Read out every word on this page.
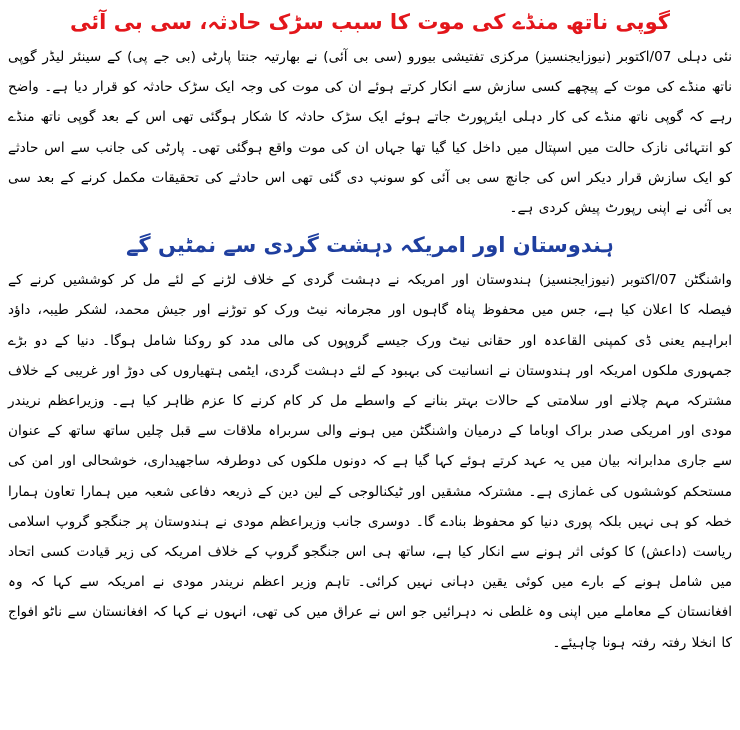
گوپی ناتھ منڈے کی موت کا سبب سڑک حادثہ، سی بی آئی

نئی دہلی 07/اکتوبر (نیوزایجنسیز) مرکزی تفتیشی بیورو (سی بی آئی) نے بھارتیہ جنتا پارٹی (بی جے پی) کے سینئر لیڈر گوپی ناتھ منڈے کی موت کے پیچھے کسی سازش سے انکار کرتے ہوئے ان کی موت کی وجہ ایک سڑک حادثہ کو قرار دیا ہے۔ واضح رہے کہ گوپی ناتھ منڈے کی کار دہلی ایئرپورٹ جاتے ہوئے ایک سڑک حادثہ کا شکار ہوگئی تھی اس کے بعد گوپی ناتھ منڈے کو انتہائی نازک حالت میں اسپتال میں داخل کیا گیا تھا جہاں ان کی موت واقع ہوگئی تھی۔ پارٹی کی جانب سے اس حادثے کو ایک سازش قرار دیکر اس کی جانچ سی بی آئی کو سونپ دی گئی تھی اس حادثے کی تحقیقات مکمل کرنے کے بعد سی بی آئی نے اپنی رپورٹ پیش کردی ہے۔

ہندوستان اور امریکہ دہشت گردی سے نمٹیں گے

واشنگٹن 07/اکتوبر (نیوزایجنسیز) ہندوستان اور امریکہ نے دہشت گردی کے خلاف لڑنے کے لئے مل کر کوششیں کرنے کے فیصلہ کا اعلان کیا ہے، جس میں محفوظ پناہ گاہوں اور مجرمانہ نیٹ ورک کو توڑنے اور جیش محمد، لشکر طیبہ، داؤد ابراہیم یعنی ڈی کمپنی القاعدہ اور حقانی نیٹ ورک جیسے گروپوں کی مالی مدد کو روکنا شامل ہوگا۔ دنیا کے دو بڑے جمہوری ملکوں امریکہ اور ہندوستان نے انسانیت کی بہبود کے لئے دہشت گردی، ایٹمی ہتھیاروں کی دوڑ اور غریبی کے خلاف مشترکہ مہم چلانے اور سلامتی کے حالات بہتر بنانے کے واسطے مل کر کام کرنے کا عزم ظاہر کیا ہے۔ وزیراعظم نریندر مودی اور امریکی صدر براک اوباما کے درمیان واشنگٹن میں ہونے والی سربراہ ملاقات سے قبل چلیں ساتھ ساتھ کے عنوان سے جاری مدابرانہ بیان میں یہ عہد کرتے ہوئے کہا گیا ہے کہ دونوں ملکوں کی دوطرفہ ساجھیداری، خوشحالی اور امن کی مستحکم کوششوں کی غمازی ہے۔ مشترکہ مشقیں اور ٹیکنالوجی کے لین دین کے ذریعہ دفاعی شعبہ میں ہمارا تعاون ہمارا خطہ کو ہی نہیں بلکہ پوری دنیا کو محفوظ بنادے گا۔ دوسری جانب وزیراعظم مودی نے ہندوستان پر جنگجو گروپ اسلامی ریاست (داعش) کا کوئی اثر ہونے سے انکار کیا ہے، ساتھ ہی اس جنگجو گروپ کے خلاف امریکہ کی زیر قیادت کسی اتحاد میں شامل ہونے کے بارے میں کوئی یقین دہانی نہیں کرائی۔ تاہم وزیر اعظم نریندر مودی نے امریکہ سے کہا کہ وہ افغانستان کے معاملے میں اپنی وہ غلطی نہ دہرائیں جو اس نے عراق میں کی تھی، انہوں نے کہا کہ افغانستان سے ناٹو افواج کا انخلا رفتہ رفتہ ہونا چاہیئے۔
